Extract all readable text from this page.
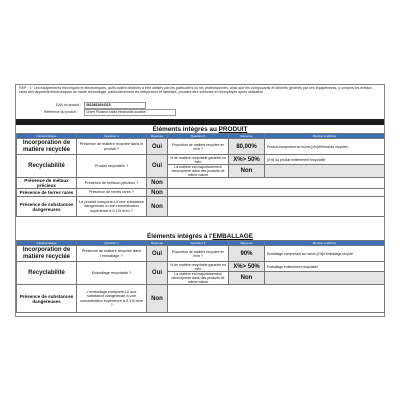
REP : 1° Les équipements électriques et électroniques, qu'ils soient destinés à être utilisés par les particuliers ou les professionnels, ainsi que les composants et déchets générés par ces équipements, y compris les métaux rares des appareils électroniques de haute technologie, particulièrement les téléphones et tablettes, pouvant être collectés et réemployés après utilisation
EAN du produit : 3610883694318
Référence du produit : Chien Plusieur câble électrosite durable
Éléments intégrés au PRODUIT
Caractéristique	Question 1	Réponse	Question 2	Réponse	Mention à afficher
Incorporation de matière recyclée	Présence de matière recyclée dans le produit ?	Oui	Proportion de matière recyclée en m/m ?	80,00%	Produit comportant au moins [x%]d'éléments recyclés
Recyclabilité	Produit recyclable ?	Oui	% de matière recyclable garantie en m/m	X%> 50%	[X%] du produit entièrement recyclable
			La matière est majoritairement réincorporée dans des produits de même nature	Non	
Présence de métaux précieux	Présence de métaux précieux ?	Non			
Présence de terres rares	Présence de terres rares ?	Non			
Présence de substances dangereuses	Le produit comporte-t-il une substance dangereuse à une concentration supérieure à 0,1% m/m ?	Non			
Éléments intégrés à l'EMBALLAGE
Caractéristique	Question 1	Réponse	Question 2	Réponse	Mention à afficher
Incorporation de matière recyclée	Présence de matière recyclée dans l'emballage ?	Oui	Proportion de matière recyclée en m/m ?	90%	Emballage comportant au moins [x%]d'emballage recyclé
Recyclabilité	Emballage recyclable ?	Oui	% de matière recyclable garantie en m/m	X%> 50%	Emballage entièrement recyclable
			La matière est majoritairement réincorporée dans des produits de même nature	Non	
Présence de substances dangereuses	L'emballage comporte-t-il une substance dangereuse à une concentration supérieure à 0,1% m/m ?	Non			
